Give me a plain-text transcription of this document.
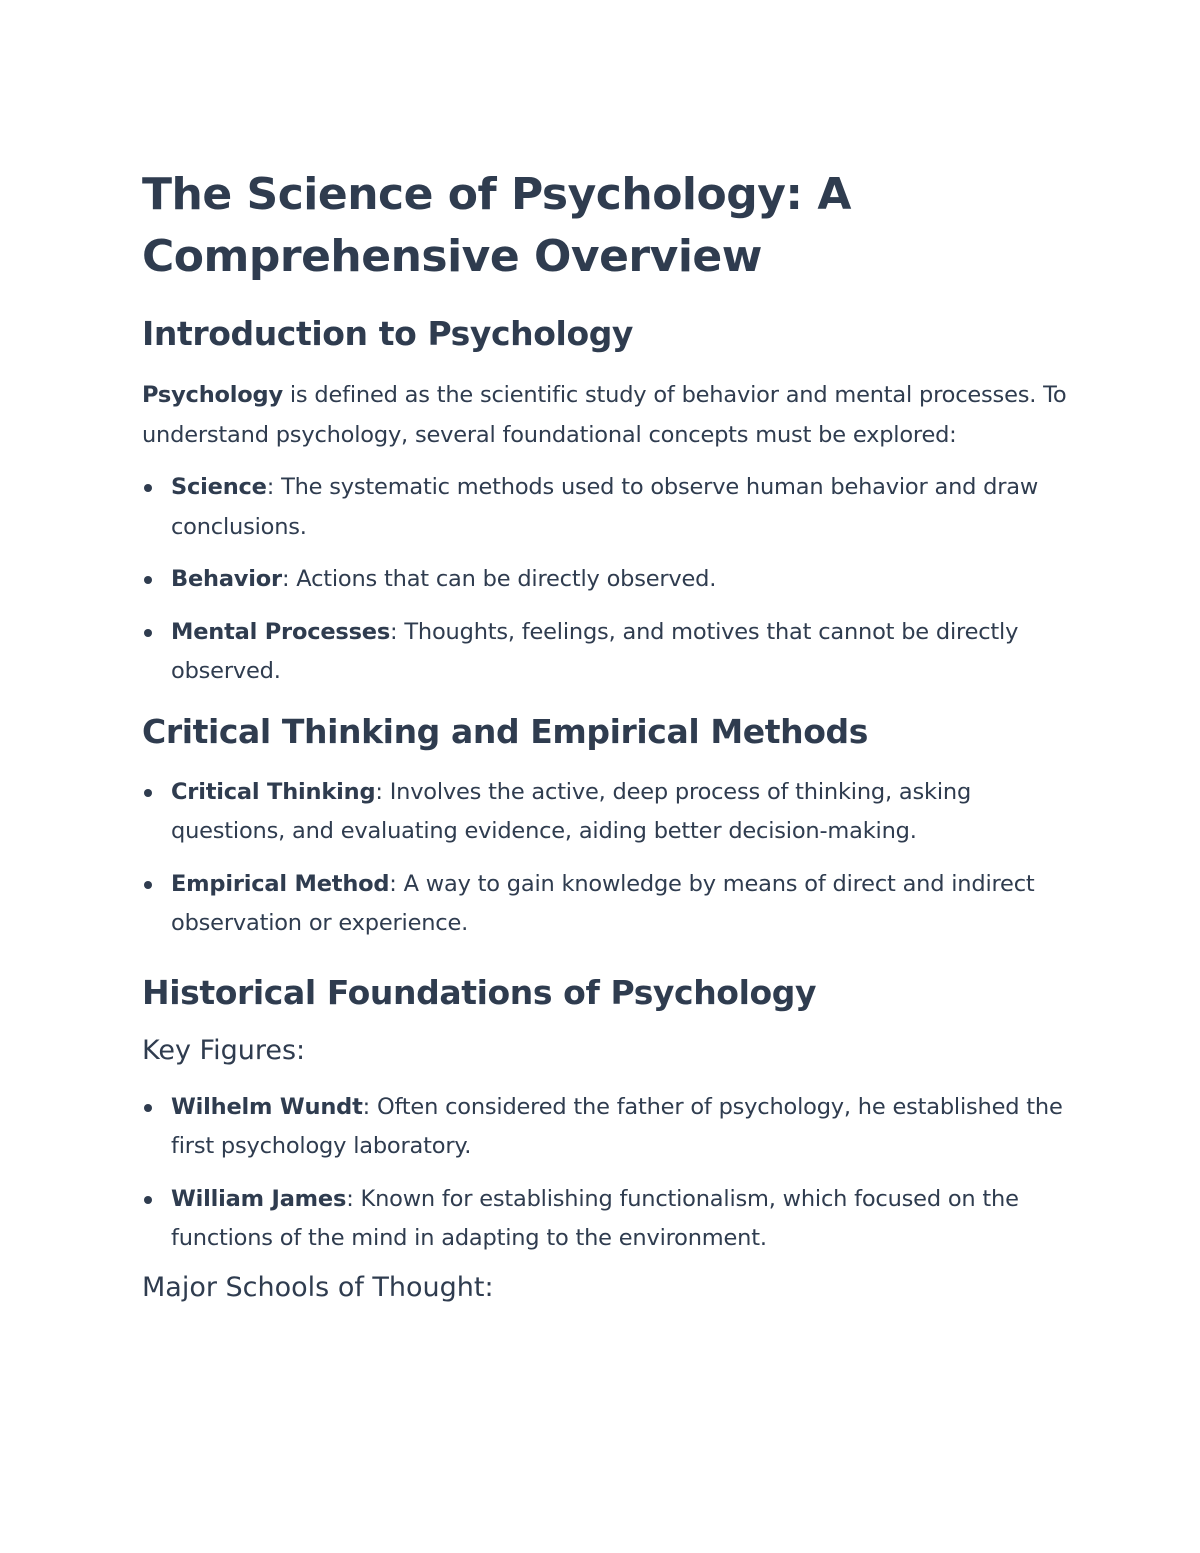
The Science of Psychology: A Comprehensive Overview
Introduction to Psychology

Psychology is defined as the scientific study of behavior and mental processes. To understand psychology, several foundational concepts must be explored:

Science: The systematic methods used to observe human behavior and draw conclusions.
Behavior: Actions that can be directly observed.
Mental Processes: Thoughts, feelings, and motives that cannot be directly observed.
Critical Thinking and Empirical Methods
Critical Thinking: Involves the active, deep process of thinking, asking questions, and evaluating evidence, aiding better decision-making.
Empirical Method: A way to gain knowledge by means of direct and indirect observation or experience.
Historical Foundations of Psychology
Key Figures:
Wilhelm Wundt: Often considered the father of psychology, he established the first psychology laboratory.
William James: Known for establishing functionalism, which focused on the functions of the mind in adapting to the environment.
Major Schools of Thought:
